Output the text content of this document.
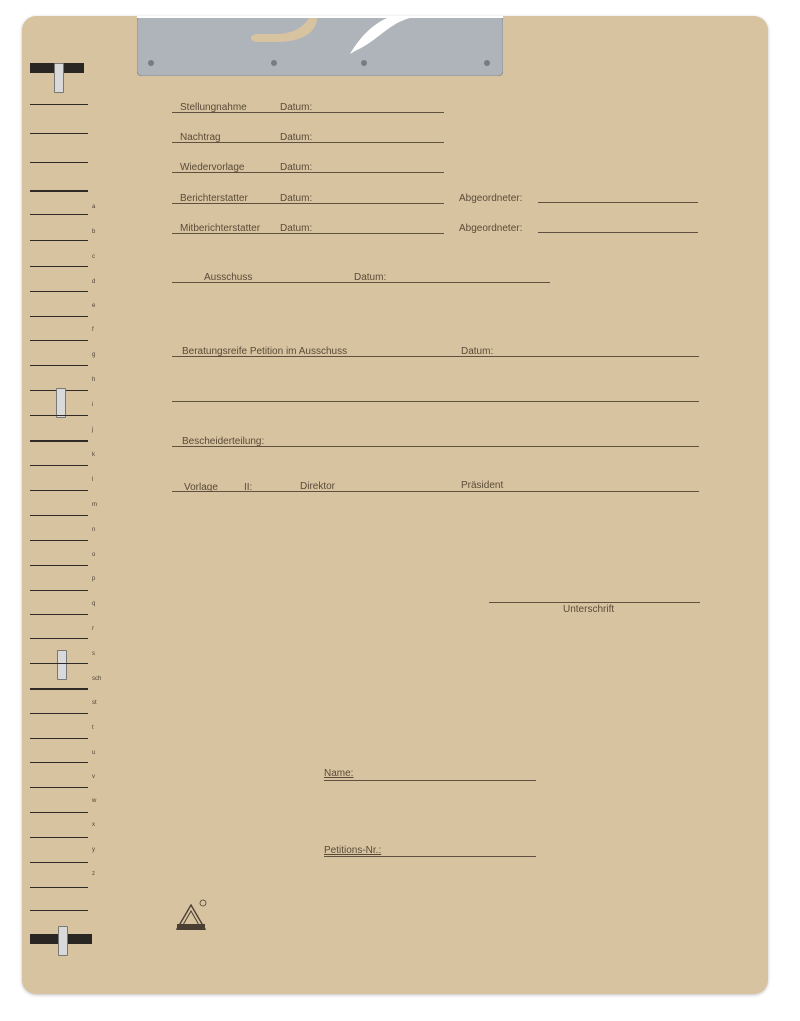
a
b
c
d
e
f
g
h
i
j
k
l
m
n
o
p
q
r
s
sch
st
t
u
v
w
x
y
z
Stellungnahme	Datum:
Nachtrag	Datum:
Wiedervorlage	Datum:
Berichterstatter	Datum:	Abgeordneter:
Mitberichterstatter Datum:	Abgeordneter:
Ausschuss	Datum:
Beratungsreife Petition im Ausschuss	Datum:
Bescheiderteilung:
Vorlage	II:	Direktor	Präsident
Unterschrift
Name:
Petitions-Nr.:
